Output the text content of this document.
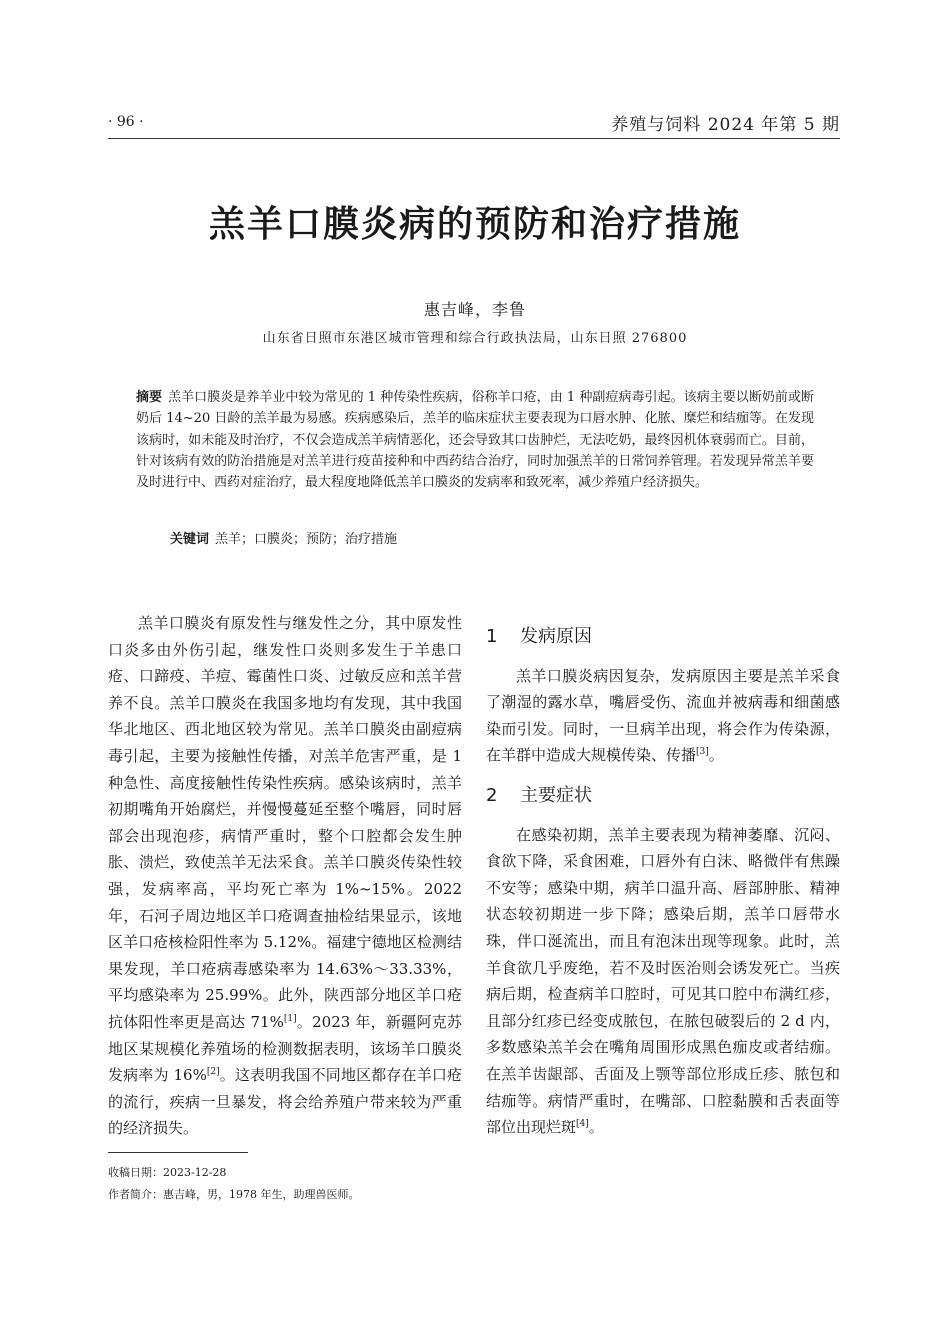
· 96 ·	养殖与饲料 2024 年第 5 期
羔羊口膜炎病的预防和治疗措施
惠吉峰，李鲁
山东省日照市东港区城市管理和综合行政执法局，山东日照 276800

摘要 羔羊口膜炎是养羊业中较为常见的 1 种传染性疾病，俗称羊口疮，由 1 种副痘病毒引起。该病主要以断奶前或断奶后 14~20 日龄的羔羊最为易感。疾病感染后，羔羊的临床症状主要表现为口唇水肿、化脓、糜烂和结痂等。在发现该病时，如未能及时治疗，不仅会造成羔羊病情恶化，还会导致其口齿肿烂，无法吃奶，最终因机体衰弱而亡。目前，针对该病有效的防治措施是对羔羊进行疫苗接种和中西药结合治疗，同时加强羔羊的日常饲养管理。若发现异常羔羊要及时进行中、西药对症治疗，最大程度地降低羔羊口膜炎的发病率和致死率，减少养殖户经济损失。

关键词 羔羊；口膜炎；预防；治疗措施

羔羊口膜炎有原发性与继发性之分，其中原发性口炎多由外伤引起，继发性口炎则多发生于羊患口疮、口蹄疫、羊痘、霉菌性口炎、过敏反应和羔羊营养不良。羔羊口膜炎在我国多地均有发现，其中我国华北地区、西北地区较为常见。羔羊口膜炎由副痘病毒引起，主要为接触性传播，对羔羊危害严重，是 1 种急性、高度接触性传染性疾病。感染该病时，羔羊初期嘴角开始腐烂，并慢慢蔓延至整个嘴唇，同时唇部会出现泡疹，病情严重时，整个口腔都会发生肿胀、溃烂，致使羔羊无法采食。羔羊口膜炎传染性较强，发病率高，平均死亡率为 1%~15%。2022 年，石河子周边地区羊口疮调查抽检结果显示，该地区羊口疮核检阳性率为 5.12%。福建宁德地区检测结果发现，羊口疮病毒感染率为 14.63%～33.33%，平均感染率为 25.99%。此外，陕西部分地区羊口疮抗体阳性率更是高达 71%[1]。2023 年，新疆阿克苏地区某规模化养殖场的检测数据表明，该场羊口膜炎发病率为 16%[2]。这表明我国不同地区都存在羊口疮的流行，疾病一旦暴发，将会给养殖户带来较为严重的经济损失。

1 发病原因

羔羊口膜炎病因复杂，发病原因主要是羔羊采食了潮湿的露水草，嘴唇受伤、流血并被病毒和细菌感染而引发。同时，一旦病羊出现，将会作为传染源，在羊群中造成大规模传染、传播[3]。

2 主要症状

在感染初期，羔羊主要表现为精神萎靡、沉闷、食欲下降，采食困难，口唇外有白沫、略微伴有焦躁不安等；感染中期，病羊口温升高、唇部肿胀、精神状态较初期进一步下降；感染后期，羔羊口唇带水珠，伴口涎流出，而且有泡沫出现等现象。此时，羔羊食欲几乎废绝，若不及时医治则会诱发死亡。当疾病后期，检查病羊口腔时，可见其口腔中布满红疹，且部分红疹已经变成脓包，在脓包破裂后的 2 d 内，多数感染羔羊会在嘴角周围形成黑色痂皮或者结痂。在羔羊齿龈部、舌面及上颚等部位形成丘疹、脓包和结痂等。病情严重时，在嘴部、口腔黏膜和舌表面等部位出现烂斑[4]。

收稿日期：2023-12-28
作者简介：惠吉峰，男，1978 年生，助理兽医师。
